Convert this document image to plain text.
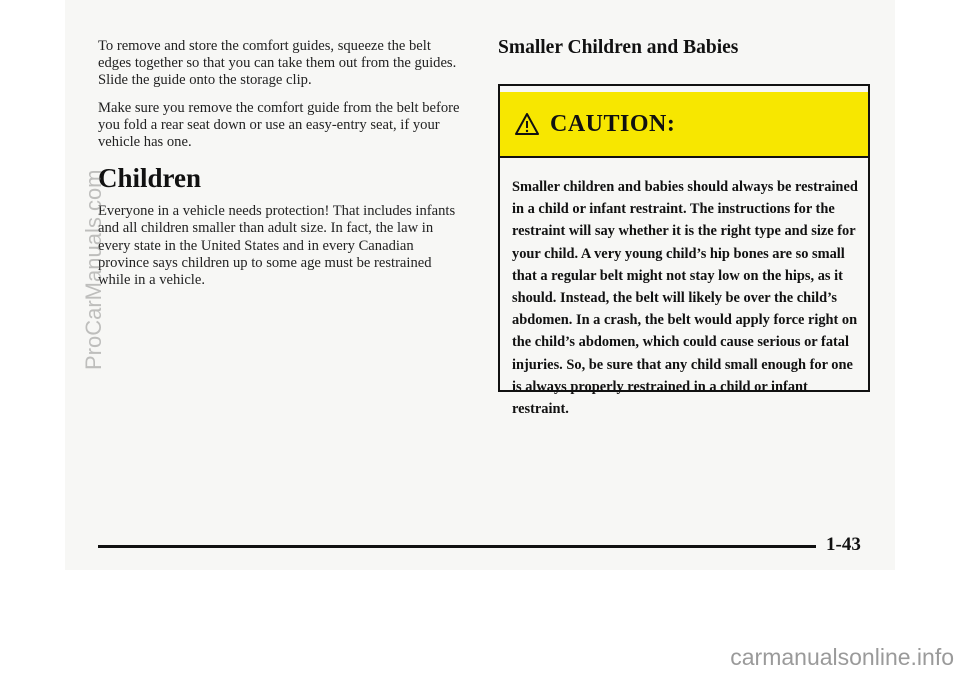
To remove and store the comfort guides, squeeze the belt edges together so that you can take them out from the guides. Slide the guide onto the storage clip.

Make sure you remove the comfort guide from the belt before you fold a rear seat down or use an easy-entry seat, if your vehicle has one.

Children

Everyone in a vehicle needs protection! That includes infants and all children smaller than adult size. In fact, the law in every state in the United States and in every Canadian province says children up to some age must be restrained while in a vehicle.

Smaller Children and Babies
CAUTION:
Smaller children and babies should always be restrained in a child or infant restraint. The instructions for the restraint will say whether it is the right type and size for your child. A very young child’s hip bones are so small that a regular belt might not stay low on the hips, as it should. Instead, the belt will likely be over the child’s abdomen. In a crash, the belt would apply force right on the child’s abdomen, which could cause serious or fatal injuries. So, be sure that any child small enough for one is always properly restrained in a child or infant restraint.
1-43
ProCarManuals.com
carmanualsonline.info
